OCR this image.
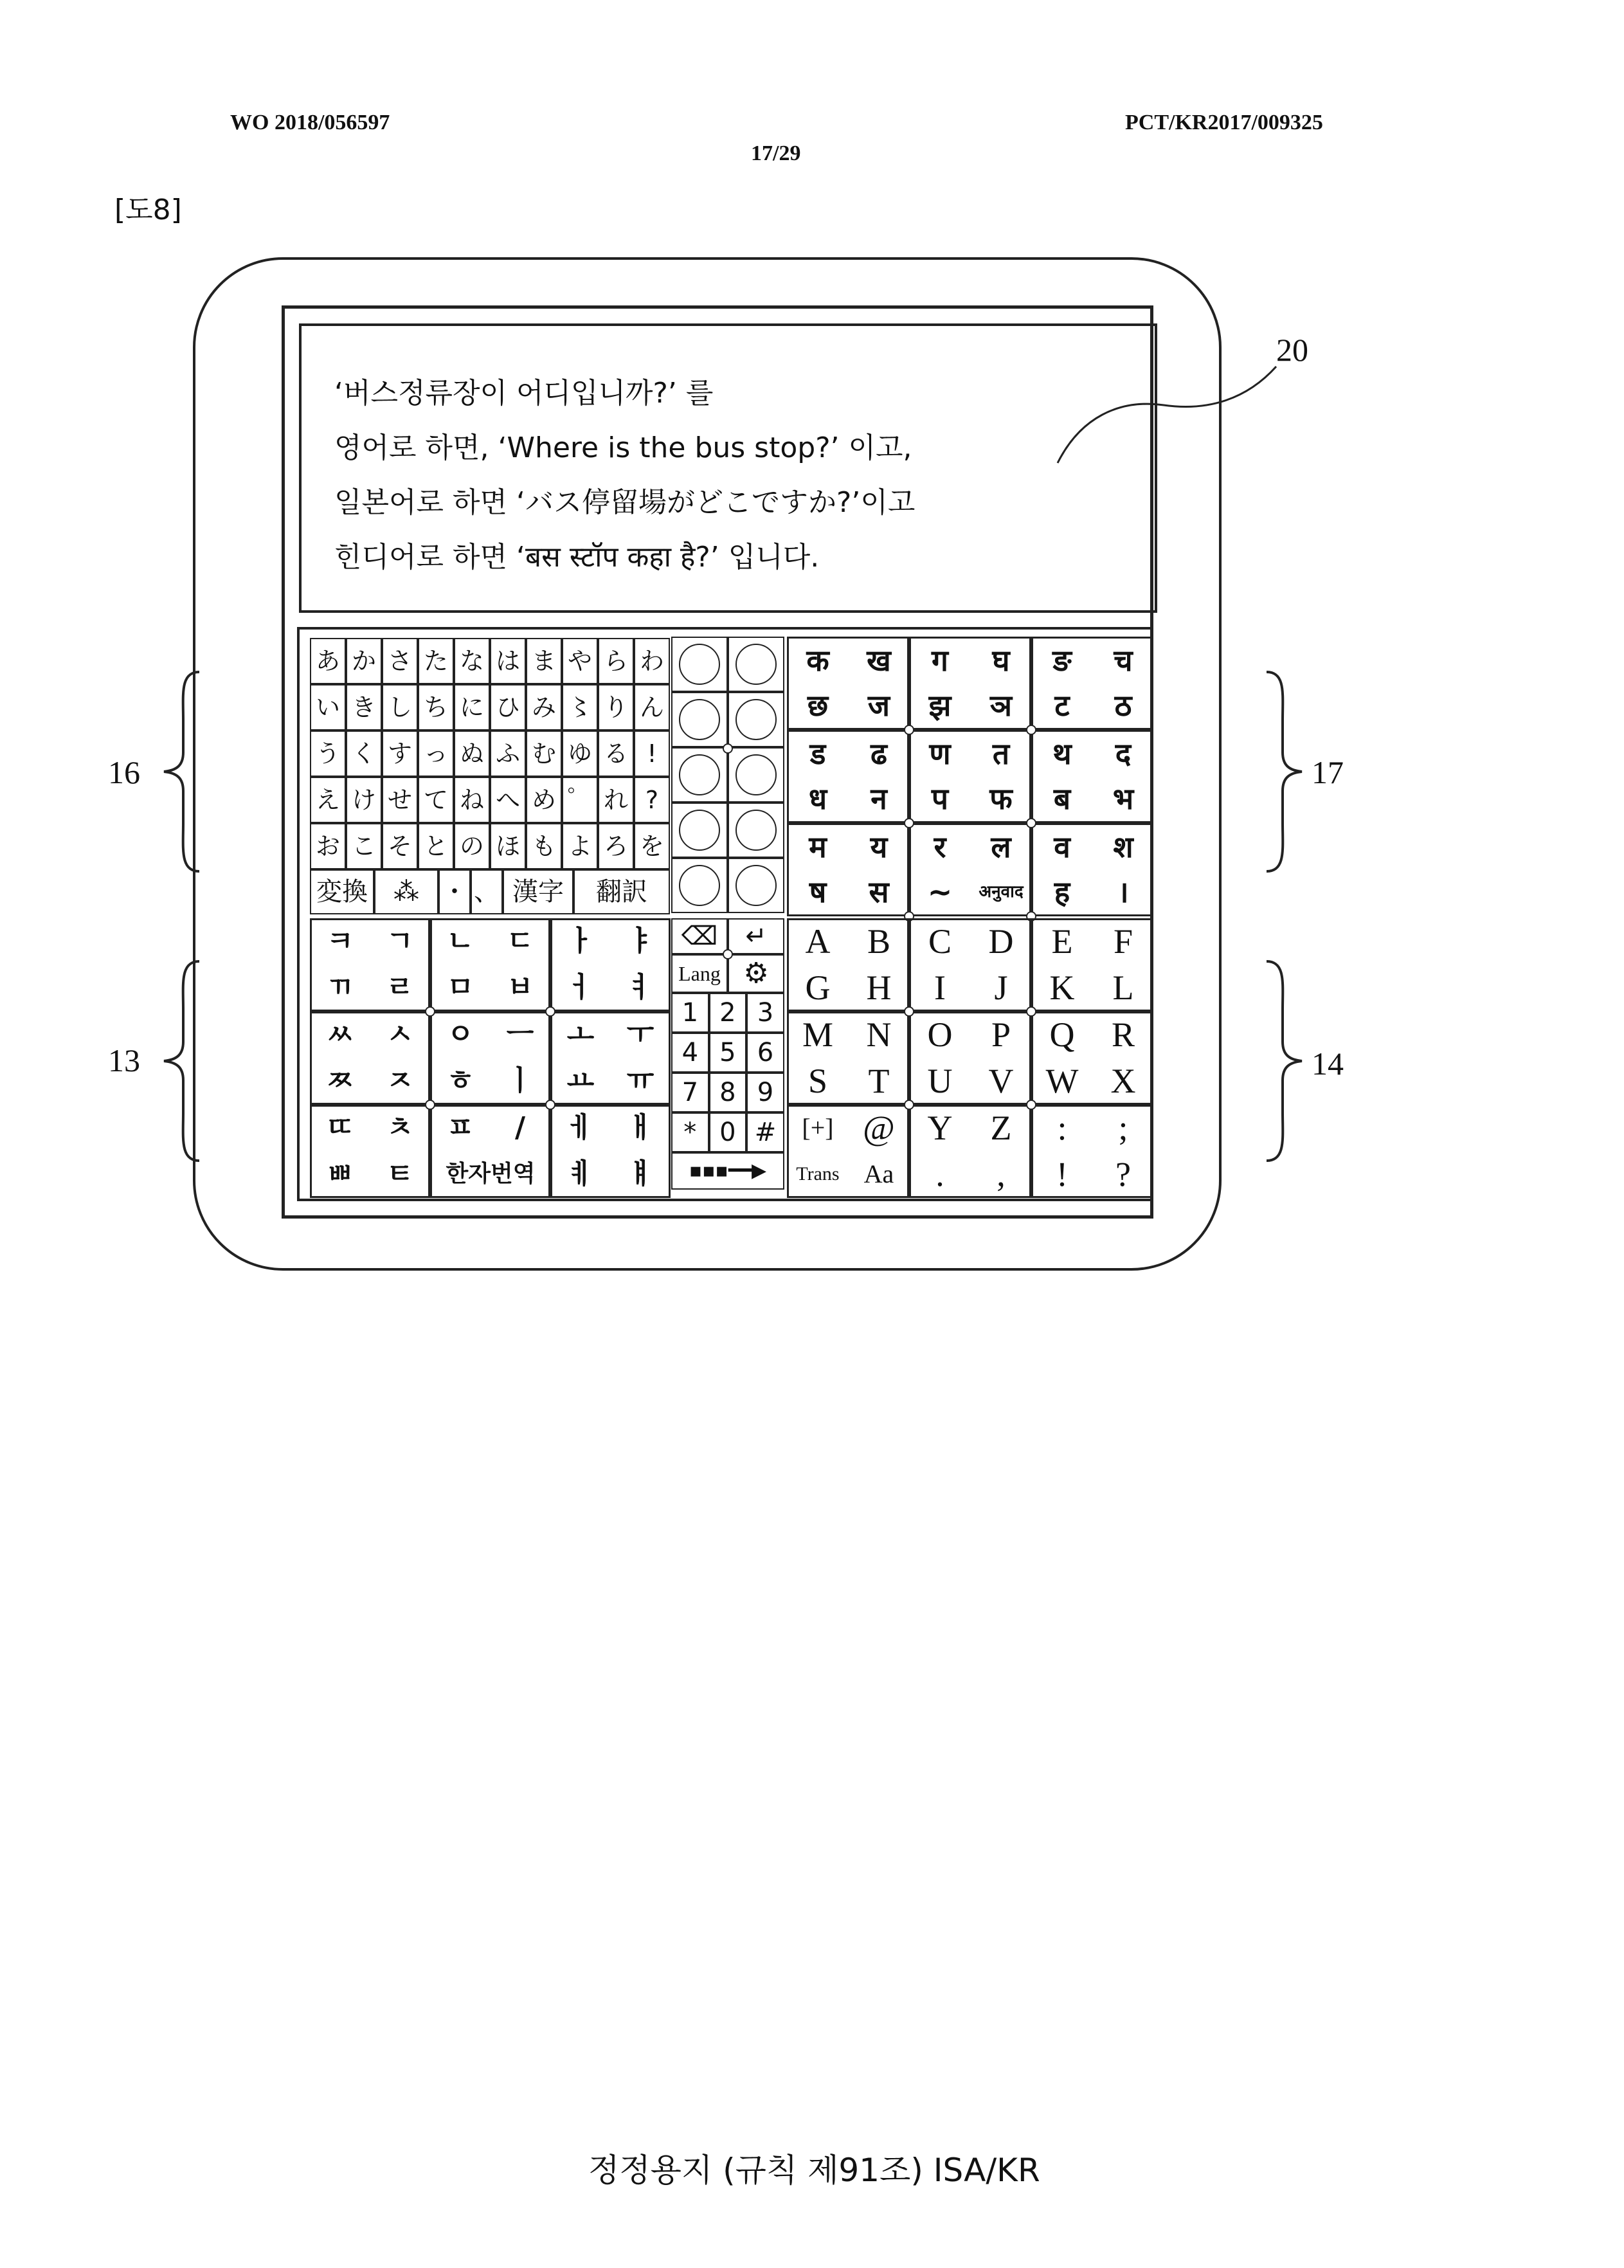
WO 2018/056597	PCT/KR2017/009325
17/29
[도8]
‘버스정류장이 어디입니까?’ 를
영어로 하면, ‘Where is the bus stop?’ 이고,
일본어로 하면 ‘バス停留場がどこですか?’이고
힌디어로 하면 ‘बस स्टॉप कहा है?’ 입니다.
20
16	17
13	14
정정용지 (규칙 제91조) ISA/KR
あ か さ た な は ま や ら わ
い き し ち に ひ み 〻 り ん
う く す っ ぬ ふ む ゆ る !
え け せ て ね へ め ゜ れ ?
お こ そ と の ほ も よ ろ を
変換	⁂ ・ 、 漢字	翻訳
क	ख	ग	घ	ङ	च
छ	ज	झ	ञ	ट	ठ
ड	ढ	ण	त	थ	द
ध	न	प	फ	ब	भ
म	य	र	ल	व	श
ष	स	~	अनुवाद	ह	।
ㅋ	ㄱ	ㄴ	ㄷ	ㅏ	ㅑ
ㄲ	ㄹ	ㅁ	ㅂ	ㅓ	ㅕ
ㅆ	ㅅ	ㅇ	ㅡ	ㅗ	ㅜ
ㅉ	ㅈ	ㅎ	ㅣ	ㅛ	ㅠ
ㄸ	ㅊ	ㅍ	/	ㅔ	ㅐ
ㅃ	ㅌ	한자번역	ㅖ	ㅒ
⌫ ↵
Lang ⚙
1 2 3
4 5 6
7 8 9
* 0 #
▪▪▪━━▶
A	B	C	D	E	F
G	H	I	J	K	L
M N	O	P	Q	R
S	T	U	V W X
[+] @ Y	Z	:	;
Trans Aa	.	,	!	?
